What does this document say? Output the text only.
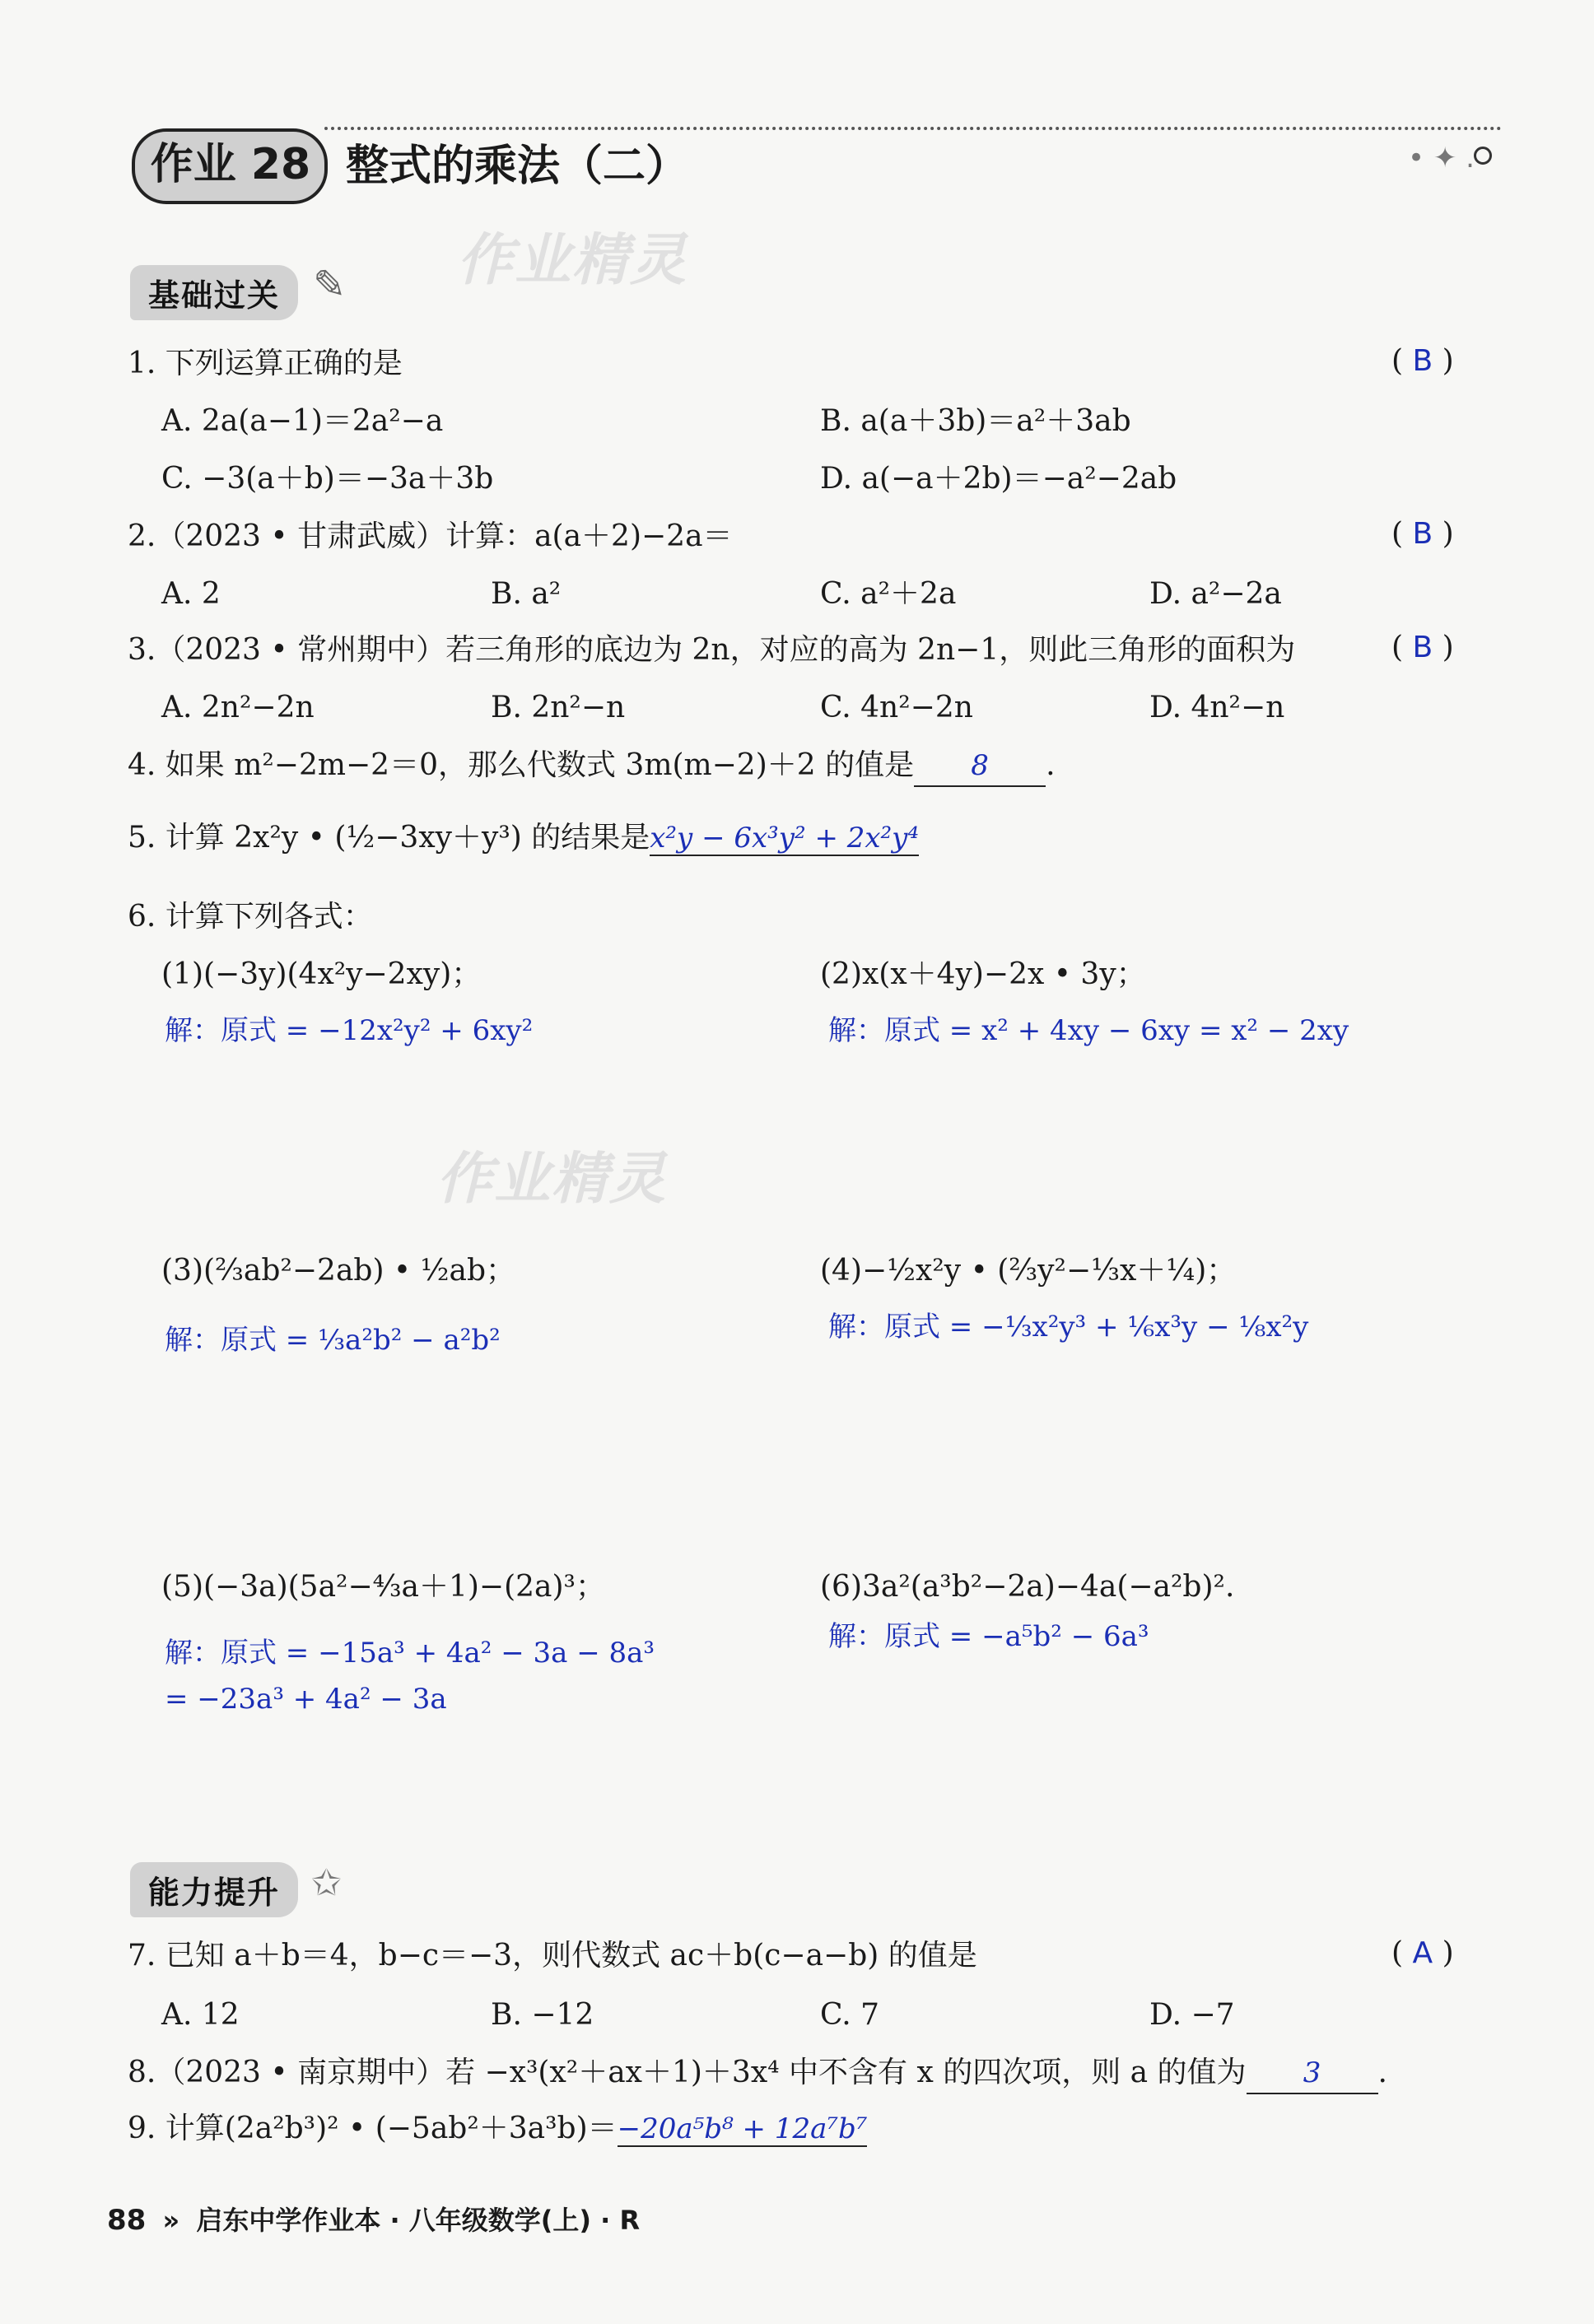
作业 28 整式的乘法（二）	• ✦ .
作业精灵
基础过关 ✎
1. 下列运算正确的是	( B )
A. 2a(a−1)＝2a²−a	B. a(a＋3b)＝a²＋3ab
C. −3(a＋b)＝−3a＋3b	D. a(−a＋2b)＝−a²−2ab
2.（2023 • 甘肃武威）计算：a(a＋2)−2a＝	( B )
A. 2	B. a²	C. a²＋2a	D. a²−2a
3.（2023 • 常州期中）若三角形的底边为 2n，对应的高为 2n−1，则此三角形的面积为	( B )
A. 2n²−2n	B. 2n²−n	C. 4n²−2n	D. 4n²−n
4. 如果 m²−2m−2＝0，那么代数式 3m(m−2)＋2 的值是 8 .
5. 计算 2x²y • (½−3xy＋y³) 的结果是x²y − 6x³y² + 2x²y⁴
6. 计算下列各式：
(1)(−3y)(4x²y−2xy)；
解：原式 = −12x²y² + 6xy²
(2)x(x＋4y)−2x • 3y；
解：原式 = x² + 4xy − 6xy = x² − 2xy
作业精灵
(3)(⅔ab²−2ab) • ½ab；
解：原式 = ⅓a²b² − a²b²
(4)−½x²y • (⅔y²−⅓x＋¼)；
解：原式 = −⅓x²y³ + ⅙x³y − ⅛x²y
(5)(−3a)(5a²−⁴⁄₃a＋1)−(2a)³；
解：原式 = −15a³ + 4a² − 3a − 8a³
= −23a³ + 4a² − 3a
(6)3a²(a³b²−2a)−4a(−a²b)².
解：原式 = −a⁵b² − 6a³
能力提升 ✩
7. 已知 a＋b＝4，b−c＝−3，则代数式 ac＋b(c−a−b) 的值是	( A )
A. 12	B. −12	C. 7	D. −7
8.（2023 • 南京期中）若 −x³(x²＋ax＋1)＋3x⁴ 中不含有 x 的四次项，则 a 的值为 3 .
9. 计算(2a²b³)² • (−5ab²＋3a³b)＝−20a⁵b⁸ + 12a⁷b⁷
88 » 启东中学作业本 · 八年级数学(上) · R
